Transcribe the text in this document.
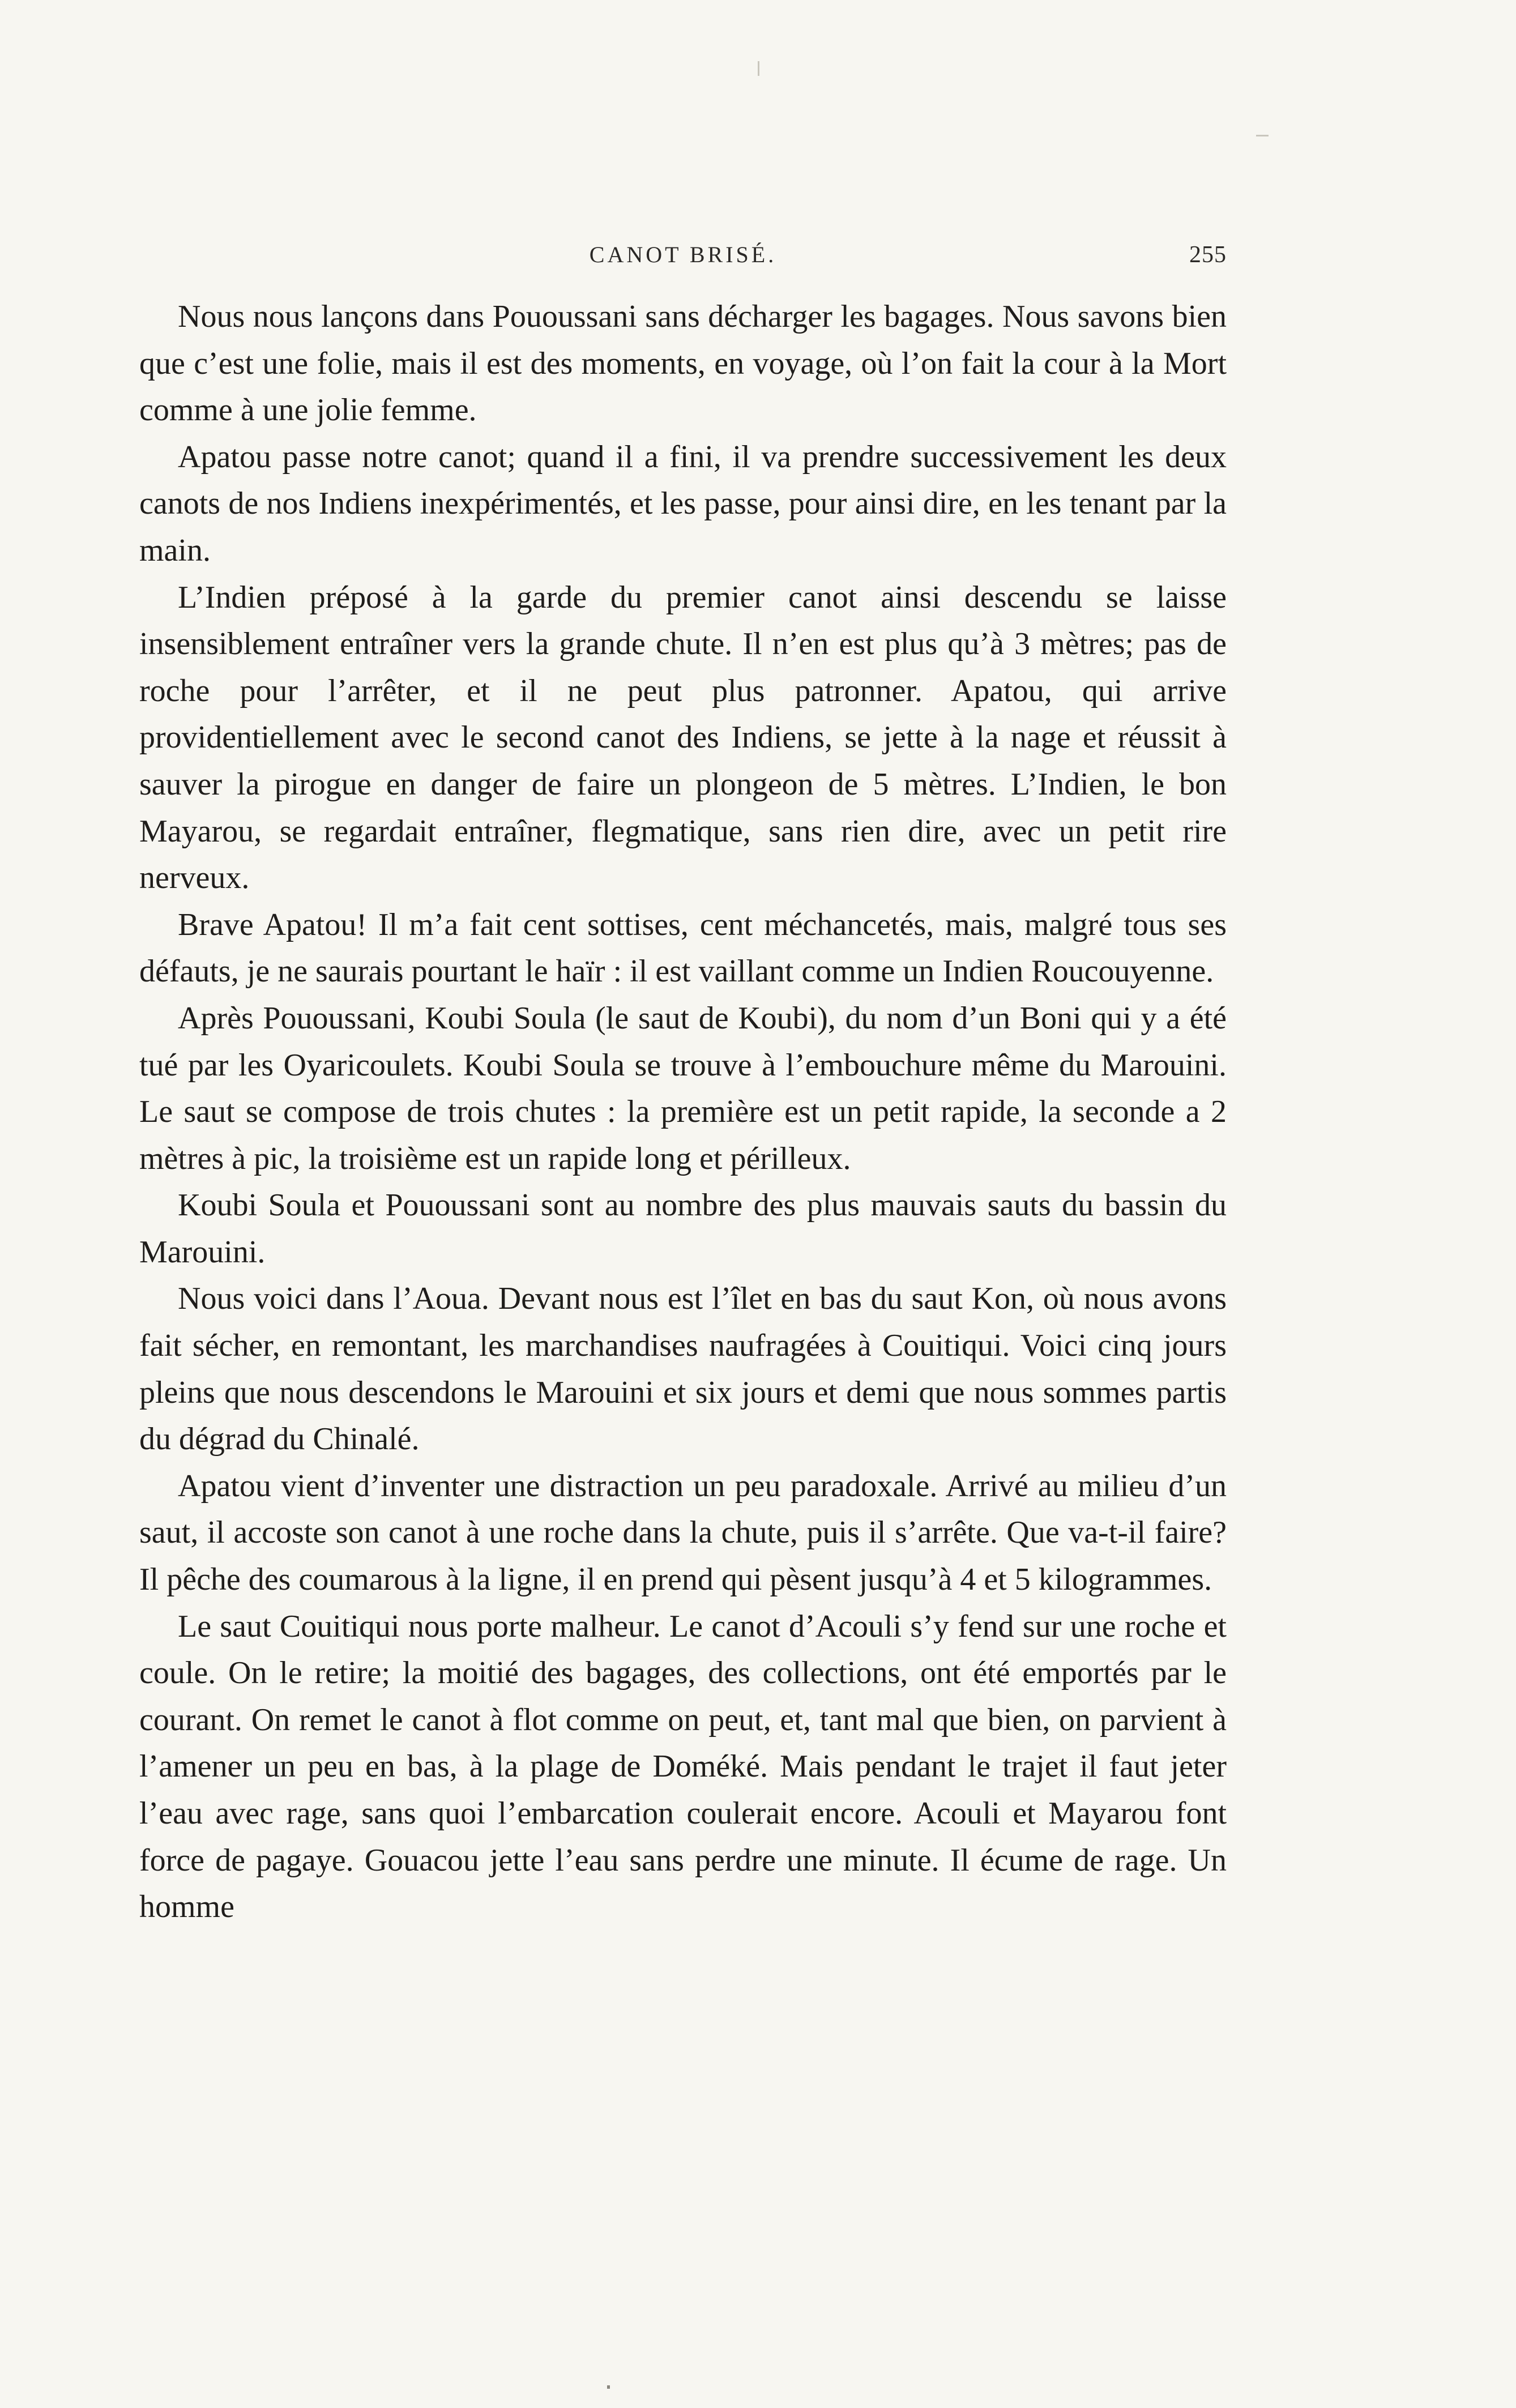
CANOT BRISÉ.	255

Nous nous lançons dans Pououssani sans décharger les bagages. Nous savons bien que c’est une folie, mais il est des moments, en voyage, où l’on fait la cour à la Mort comme à une jolie femme.

Apatou passe notre canot; quand il a fini, il va prendre successivement les deux canots de nos Indiens inexpérimentés, et les passe, pour ainsi dire, en les tenant par la main.

L’Indien préposé à la garde du premier canot ainsi descendu se laisse insensiblement entraîner vers la grande chute. Il n’en est plus qu’à 3 mètres; pas de roche pour l’arrêter, et il ne peut plus patronner. Apatou, qui arrive providentiellement avec le second canot des Indiens, se jette à la nage et réussit à sauver la pirogue en danger de faire un plongeon de 5 mètres. L’Indien, le bon Mayarou, se regardait entraîner, flegmatique, sans rien dire, avec un petit rire nerveux.

Brave Apatou! Il m’a fait cent sottises, cent méchancetés, mais, malgré tous ses défauts, je ne saurais pourtant le haïr : il est vaillant comme un Indien Roucouyenne.

Après Pououssani, Koubi Soula (le saut de Koubi), du nom d’un Boni qui y a été tué par les Oyaricoulets. Koubi Soula se trouve à l’embouchure même du Marouini. Le saut se compose de trois chutes : la première est un petit rapide, la seconde a 2 mètres à pic, la troisième est un rapide long et périlleux.

Koubi Soula et Pououssani sont au nombre des plus mauvais sauts du bassin du Marouini.

Nous voici dans l’Aoua. Devant nous est l’îlet en bas du saut Kon, où nous avons fait sécher, en remontant, les marchandises naufragées à Couitiqui. Voici cinq jours pleins que nous descendons le Marouini et six jours et demi que nous sommes partis du dégrad du Chinalé.

Apatou vient d’inventer une distraction un peu paradoxale. Arrivé au milieu d’un saut, il accoste son canot à une roche dans la chute, puis il s’arrête. Que va-t-il faire? Il pêche des coumarous à la ligne, il en prend qui pèsent jusqu’à 4 et 5 kilogrammes.

Le saut Couitiqui nous porte malheur. Le canot d’Acouli s’y fend sur une roche et coule. On le retire; la moitié des bagages, des collections, ont été emportés par le courant. On remet le canot à flot comme on peut, et, tant mal que bien, on parvient à l’amener un peu en bas, à la plage de Doméké. Mais pendant le trajet il faut jeter l’eau avec rage, sans quoi l’embarcation coulerait encore. Acouli et Mayarou font force de pagaye. Gouacou jette l’eau sans perdre une minute. Il écume de rage. Un homme
